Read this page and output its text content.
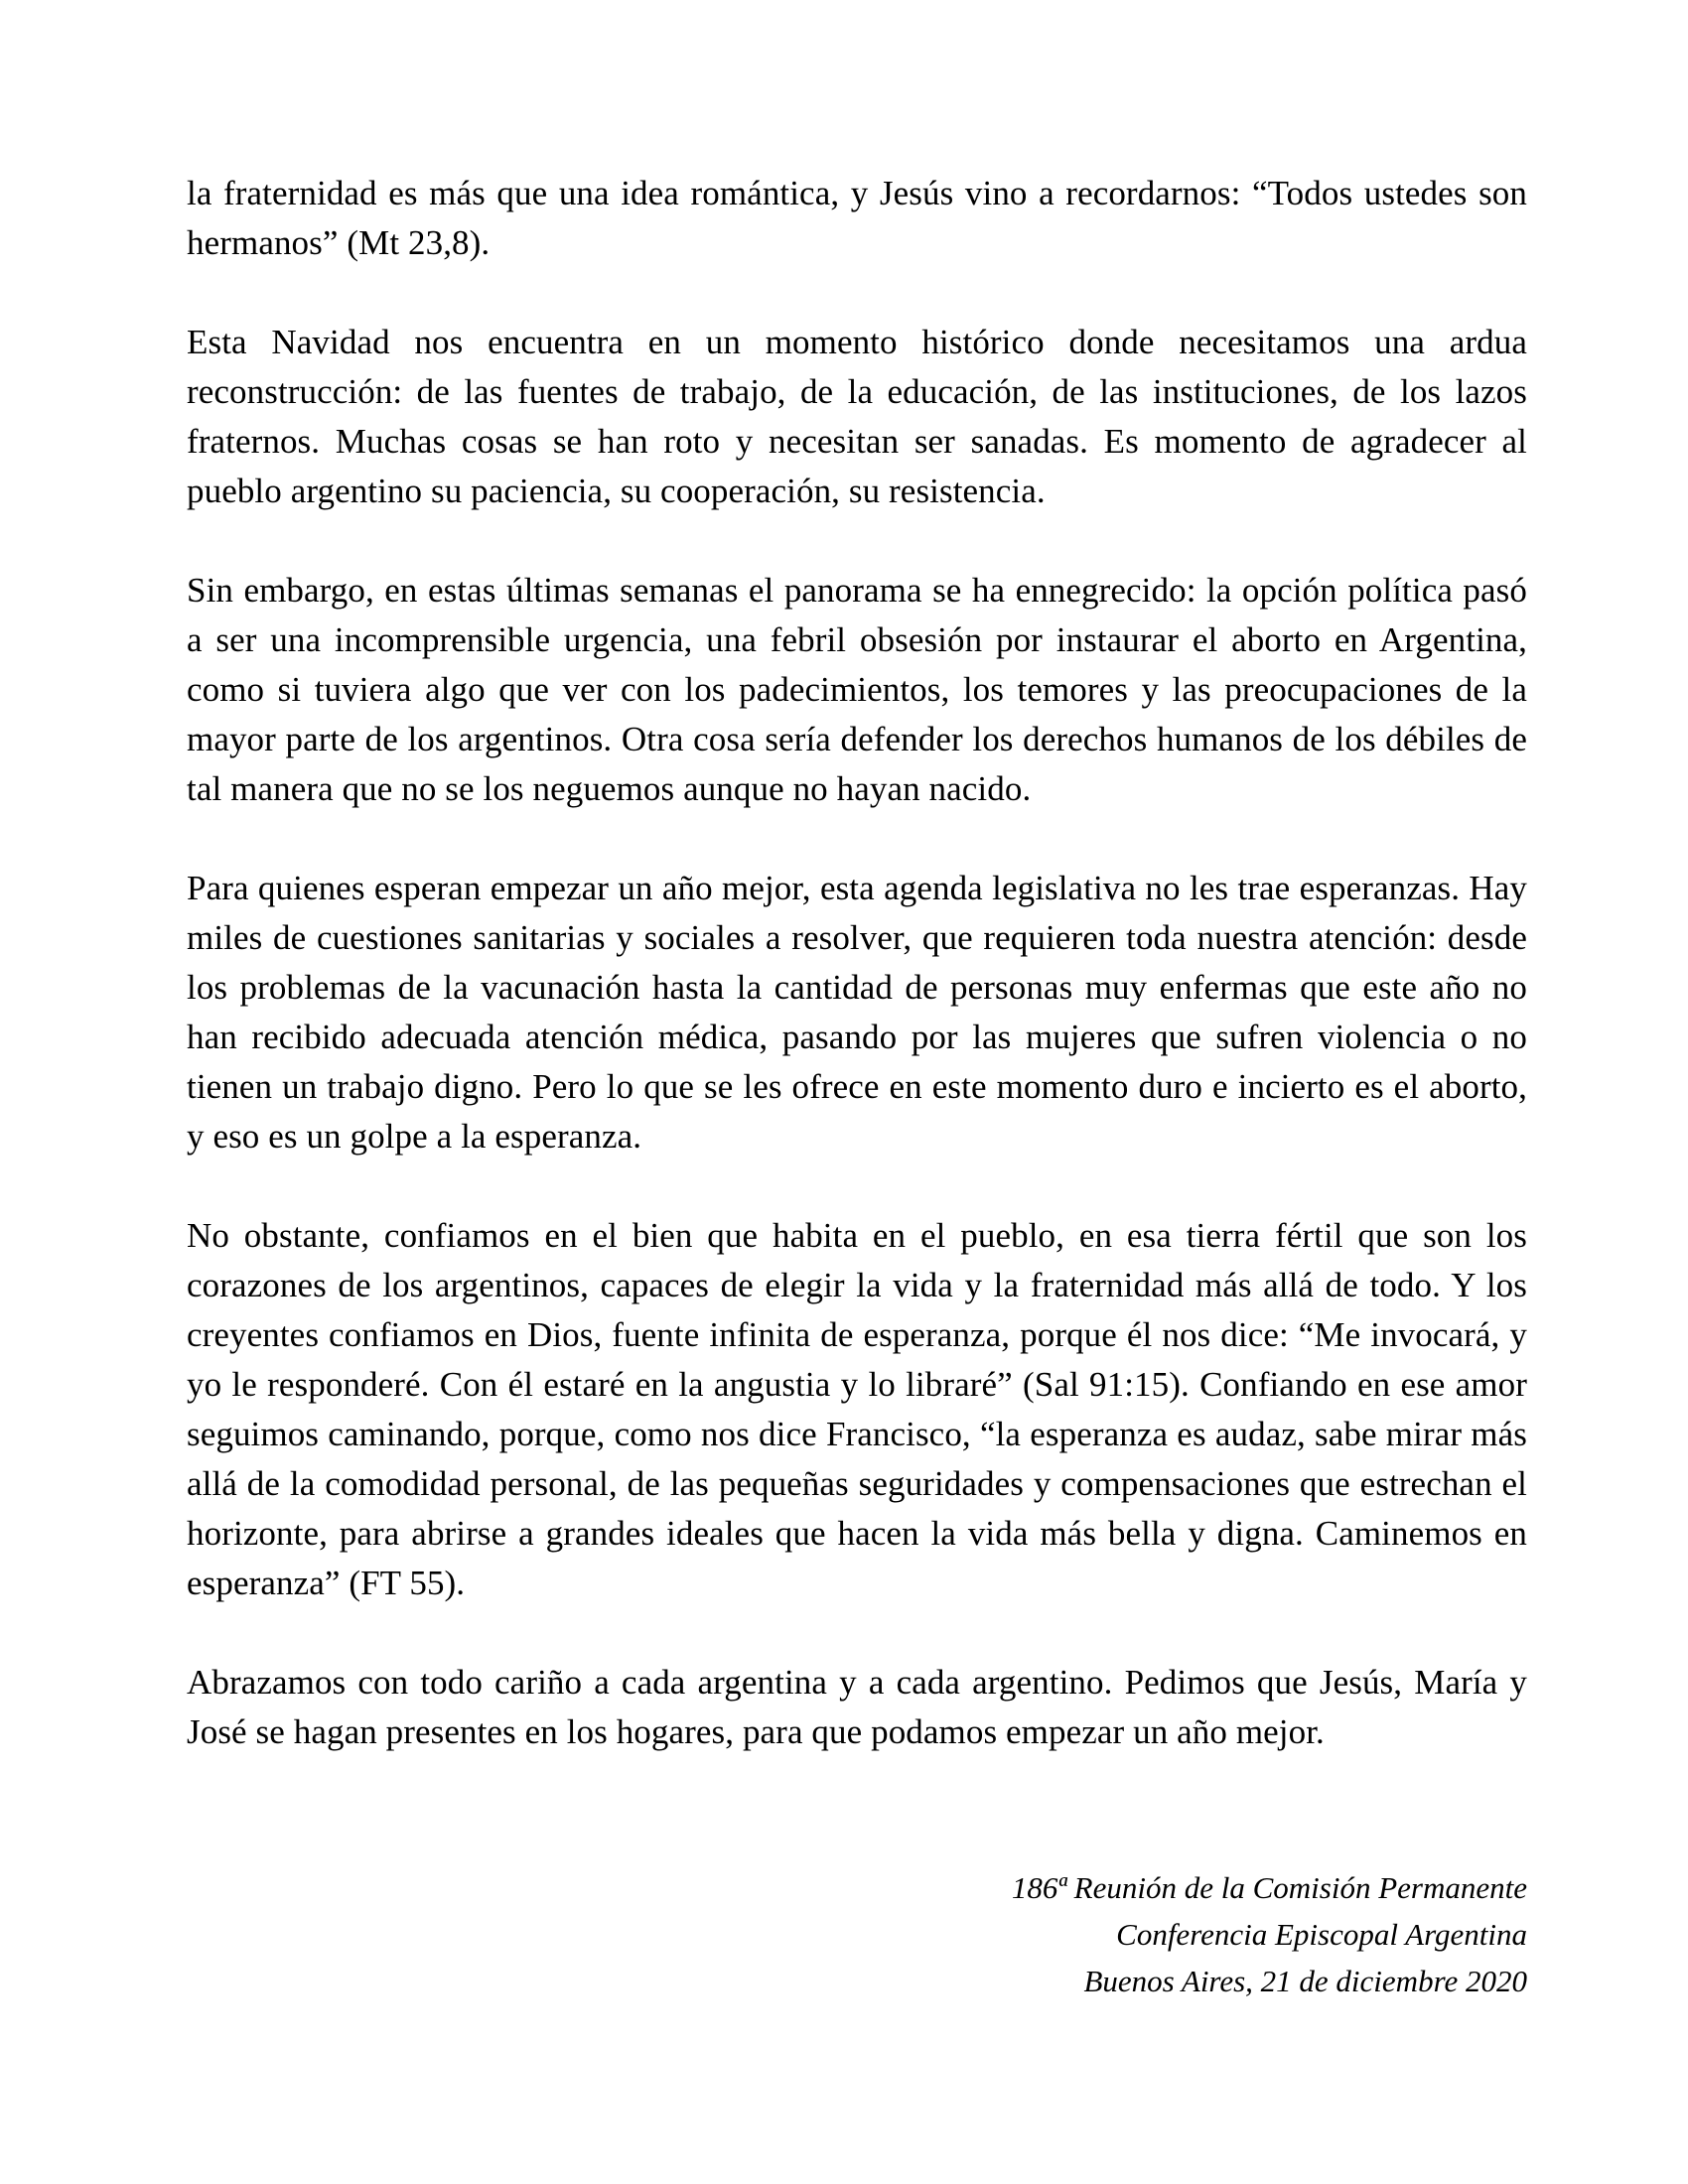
la fraternidad es más que una idea romántica, y Jesús vino a recordarnos: “Todos ustedes son hermanos” (Mt 23,8).

Esta Navidad nos encuentra en un momento histórico donde necesitamos una ardua reconstrucción: de las fuentes de trabajo, de la educación, de las instituciones, de los lazos fraternos. Muchas cosas se han roto y necesitan ser sanadas. Es momento de agradecer al pueblo argentino su paciencia, su cooperación, su resistencia.

Sin embargo, en estas últimas semanas el panorama se ha ennegrecido: la opción política pasó a ser una incomprensible urgencia, una febril obsesión por instaurar el aborto en Argentina, como si tuviera algo que ver con los padecimientos, los temores y las preocupaciones de la mayor parte de los argentinos. Otra cosa sería defender los derechos humanos de los débiles de tal manera que no se los neguemos aunque no hayan nacido.

Para quienes esperan empezar un año mejor, esta agenda legislativa no les trae esperanzas. Hay miles de cuestiones sanitarias y sociales a resolver, que requieren toda nuestra atención: desde los problemas de la vacunación hasta la cantidad de personas muy enfermas que este año no han recibido adecuada atención médica, pasando por las mujeres que sufren violencia o no tienen un trabajo digno. Pero lo que se les ofrece en este momento duro e incierto es el aborto, y eso es un golpe a la esperanza.

No obstante, confiamos en el bien que habita en el pueblo, en esa tierra fértil que son los corazones de los argentinos, capaces de elegir la vida y la fraternidad más allá de todo. Y los creyentes confiamos en Dios, fuente infinita de esperanza, porque él nos dice: “Me invocará, y yo le responderé. Con él estaré en la angustia y lo libraré” (Sal 91:15). Confiando en ese amor seguimos caminando, porque, como nos dice Francisco, “la esperanza es audaz, sabe mirar más allá de la comodidad personal, de las pequeñas seguridades y compensaciones que estrechan el horizonte, para abrirse a grandes ideales que hacen la vida más bella y digna. Caminemos en esperanza” (FT 55).

Abrazamos con todo cariño a cada argentina y a cada argentino. Pedimos que Jesús, María y José se hagan presentes en los hogares, para que podamos empezar un año mejor.

186ª Reunión de la Comisión Permanente
Conferencia Episcopal Argentina
Buenos Aires, 21 de diciembre 2020
